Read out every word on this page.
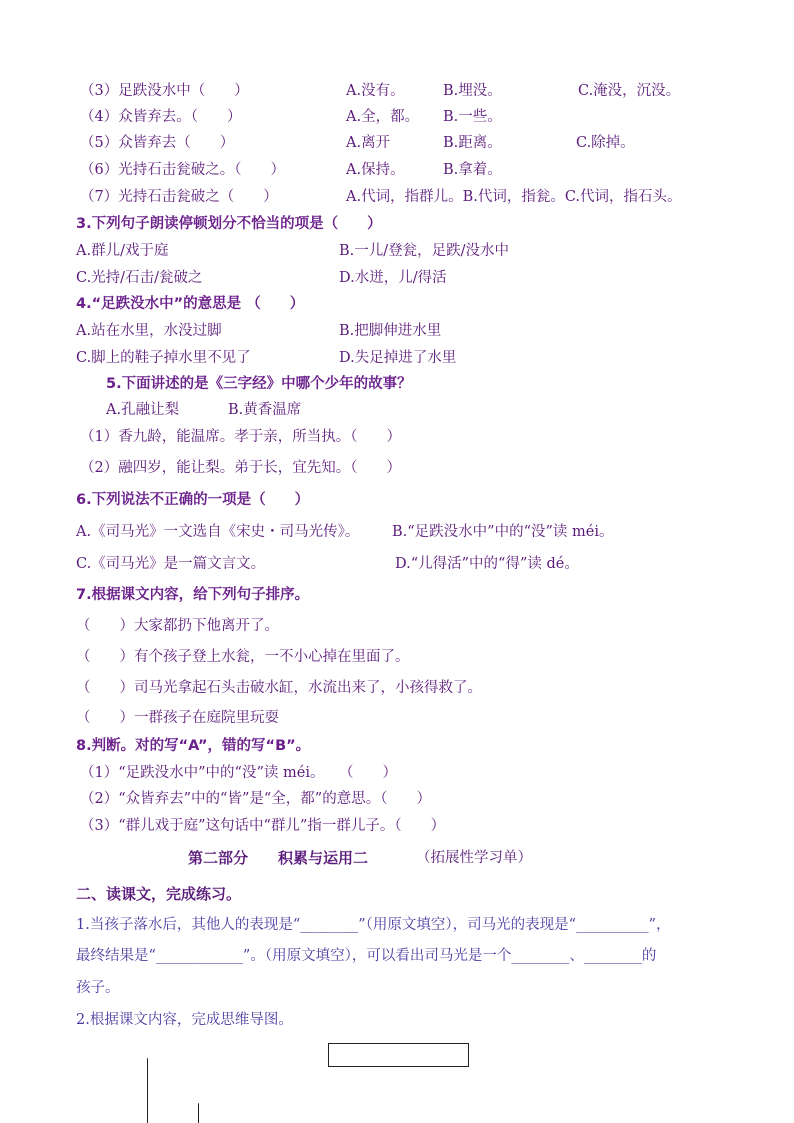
（3）足跌没水中（　　）	A.没有。	B.埋没。	C.淹没，沉没。
（4）众皆弃去。（　　）	A.全，都。 B.一些。
（5）众皆弃去（　　）	A.离开	B.距离。	C.除掉。
（6）光持石击瓮破之。（　　）	A.保持。	B.拿着。
（7）光持石击瓮破之（　　）	A.代词，指群儿。B.代词，指瓮。C.代词，指石头。
3.下列句子朗读停顿划分不恰当的项是（　　）
A.群儿/戏于庭	B.一儿/登瓮，足跌/没水中
C.光持/石击/瓮破之	D.水迸，儿/得活
4.“足跌没水中”的意思是 （　　）
A.站在水里，水没过脚	B.把脚伸进水里
C.脚上的鞋子掉水里不见了	D.失足掉进了水里
5.下面讲述的是《三字经》中哪个少年的故事？
A.孔融让梨	B.黄香温席
（1）香九龄，能温席。孝于亲，所当执。（　　）
（2）融四岁，能让梨。弟于长，宜先知。（　　）
6.下列说法不正确的一项是（　　）
A.《司马光》一文选自《宋史・司马光传》。 B.“足跌没水中”中的“没”读 méi。
C.《司马光》是一篇文言文。	D.“儿得活”中的“得”读 dé。
7.根据课文内容，给下列句子排序。
（　　）大家都扔下他离开了。
（　　）有个孩子登上水瓮，一不小心掉在里面了。
（　　）司马光拿起石头击破水缸，水流出来了，小孩得救了。
（　　）一群孩子在庭院里玩耍
8.判断。对的写“A”，错的写“B”。
（1）“足跌没水中”中的“没”读 méi。　　（　　）
（2）“众皆弃去”中的“皆”是“全，都”的意思。（　　）
（3）“群儿戏于庭”这句话中“群儿”指一群儿子。（　　）
第二部分　　积累与运用二	（拓展性学习单）
二、读课文，完成练习。
1.当孩子落水后，其他人的表现是“________”（用原文填空），司马光的表现是“__________”，
最终结果是“____________”。（用原文填空），可以看出司马光是一个________、________的
孩子。
2.根据课文内容，完成思维导图。
